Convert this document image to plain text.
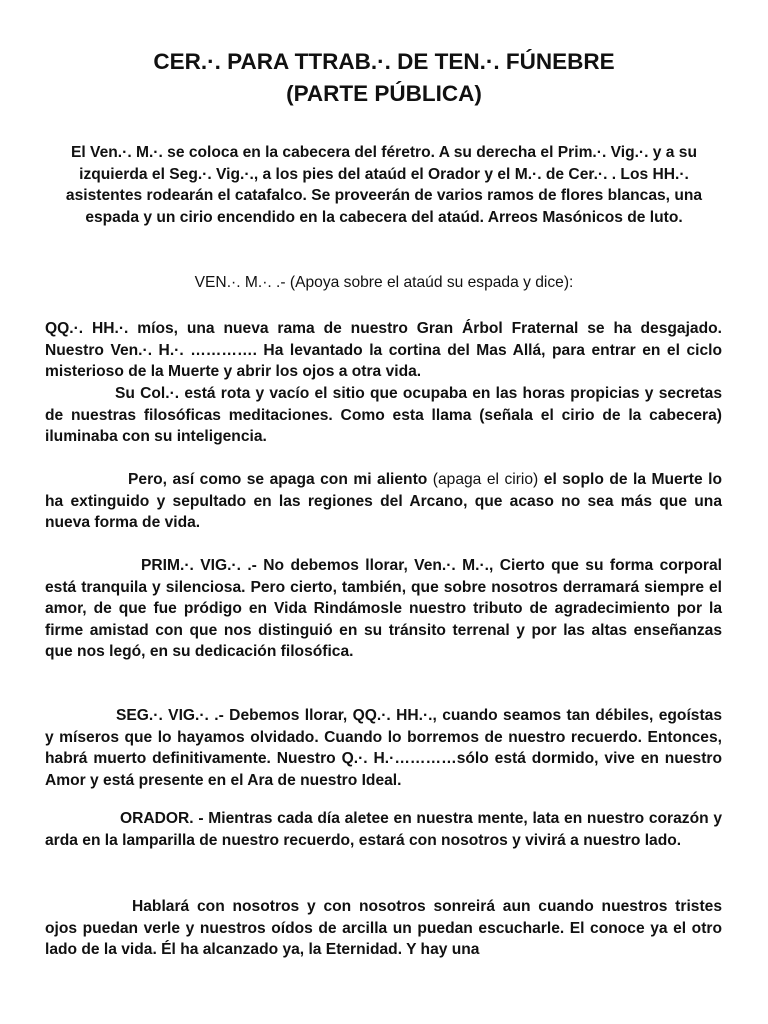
CER.·. PARA TTRAB.·. DE TEN.·. FÚNEBRE
(PARTE PÚBLICA)

El Ven.·. M.·. se coloca en la cabecera del féretro. A su derecha el Prim.·. Vig.·. y a su izquierda el Seg.·. Vig.·., a los pies del ataúd el Orador y el M.·. de Cer.·. . Los HH.·. asistentes rodearán el catafalco. Se proveerán de varios ramos de flores blancas, una espada y un cirio encendido en la cabecera del ataúd. Arreos Masónicos de luto.

VEN.·. M.·. .- (Apoya sobre el ataúd su espada y dice):

QQ.·. HH.·. míos, una nueva rama de nuestro Gran Árbol Fraternal se ha desgajado. Nuestro Ven.·. H.·. …………. Ha levantado la cortina del Mas Allá, para entrar en el ciclo misterioso de la Muerte y abrir los ojos a otra vida.

Su Col.·. está rota y vacío el sitio que ocupaba en las horas propicias y secretas de nuestras filosóficas meditaciones. Como esta llama (señala el cirio de la cabecera) iluminaba con su inteligencia.

Pero, así como se apaga con mi aliento (apaga el cirio) el soplo de la Muerte lo ha extinguido y sepultado en las regiones del Arcano, que acaso no sea más que una nueva forma de vida.

PRIM.·. VIG.·. .- No debemos llorar, Ven.·. M.·., Cierto que su forma corporal está tranquila y silenciosa. Pero cierto, también, que sobre nosotros derramará siempre el amor, de que fue pródigo en Vida Rindámosle nuestro tributo de agradecimiento por la firme amistad con que nos distinguió en su tránsito terrenal y por las altas enseñanzas que nos legó, en su dedicación filosófica.

SEG.·. VIG.·. .- Debemos llorar, QQ.·. HH.·., cuando seamos tan débiles, egoístas y míseros que lo hayamos olvidado. Cuando lo borremos de nuestro recuerdo. Entonces, habrá muerto definitivamente. Nuestro Q.·. H.·…………sólo está dormido, vive en nuestro Amor y está presente en el Ara de nuestro Ideal.

ORADOR. - Mientras cada día aletee en nuestra mente, lata en nuestro corazón y arda en la lamparilla de nuestro recuerdo, estará con nosotros y vivirá a nuestro lado.

Hablará con nosotros y con nosotros sonreirá aun cuando nuestros tristes ojos puedan verle y nuestros oídos de arcilla un puedan escucharle. El conoce ya el otro lado de la vida. Él ha alcanzado ya, la Eternidad. Y hay una
